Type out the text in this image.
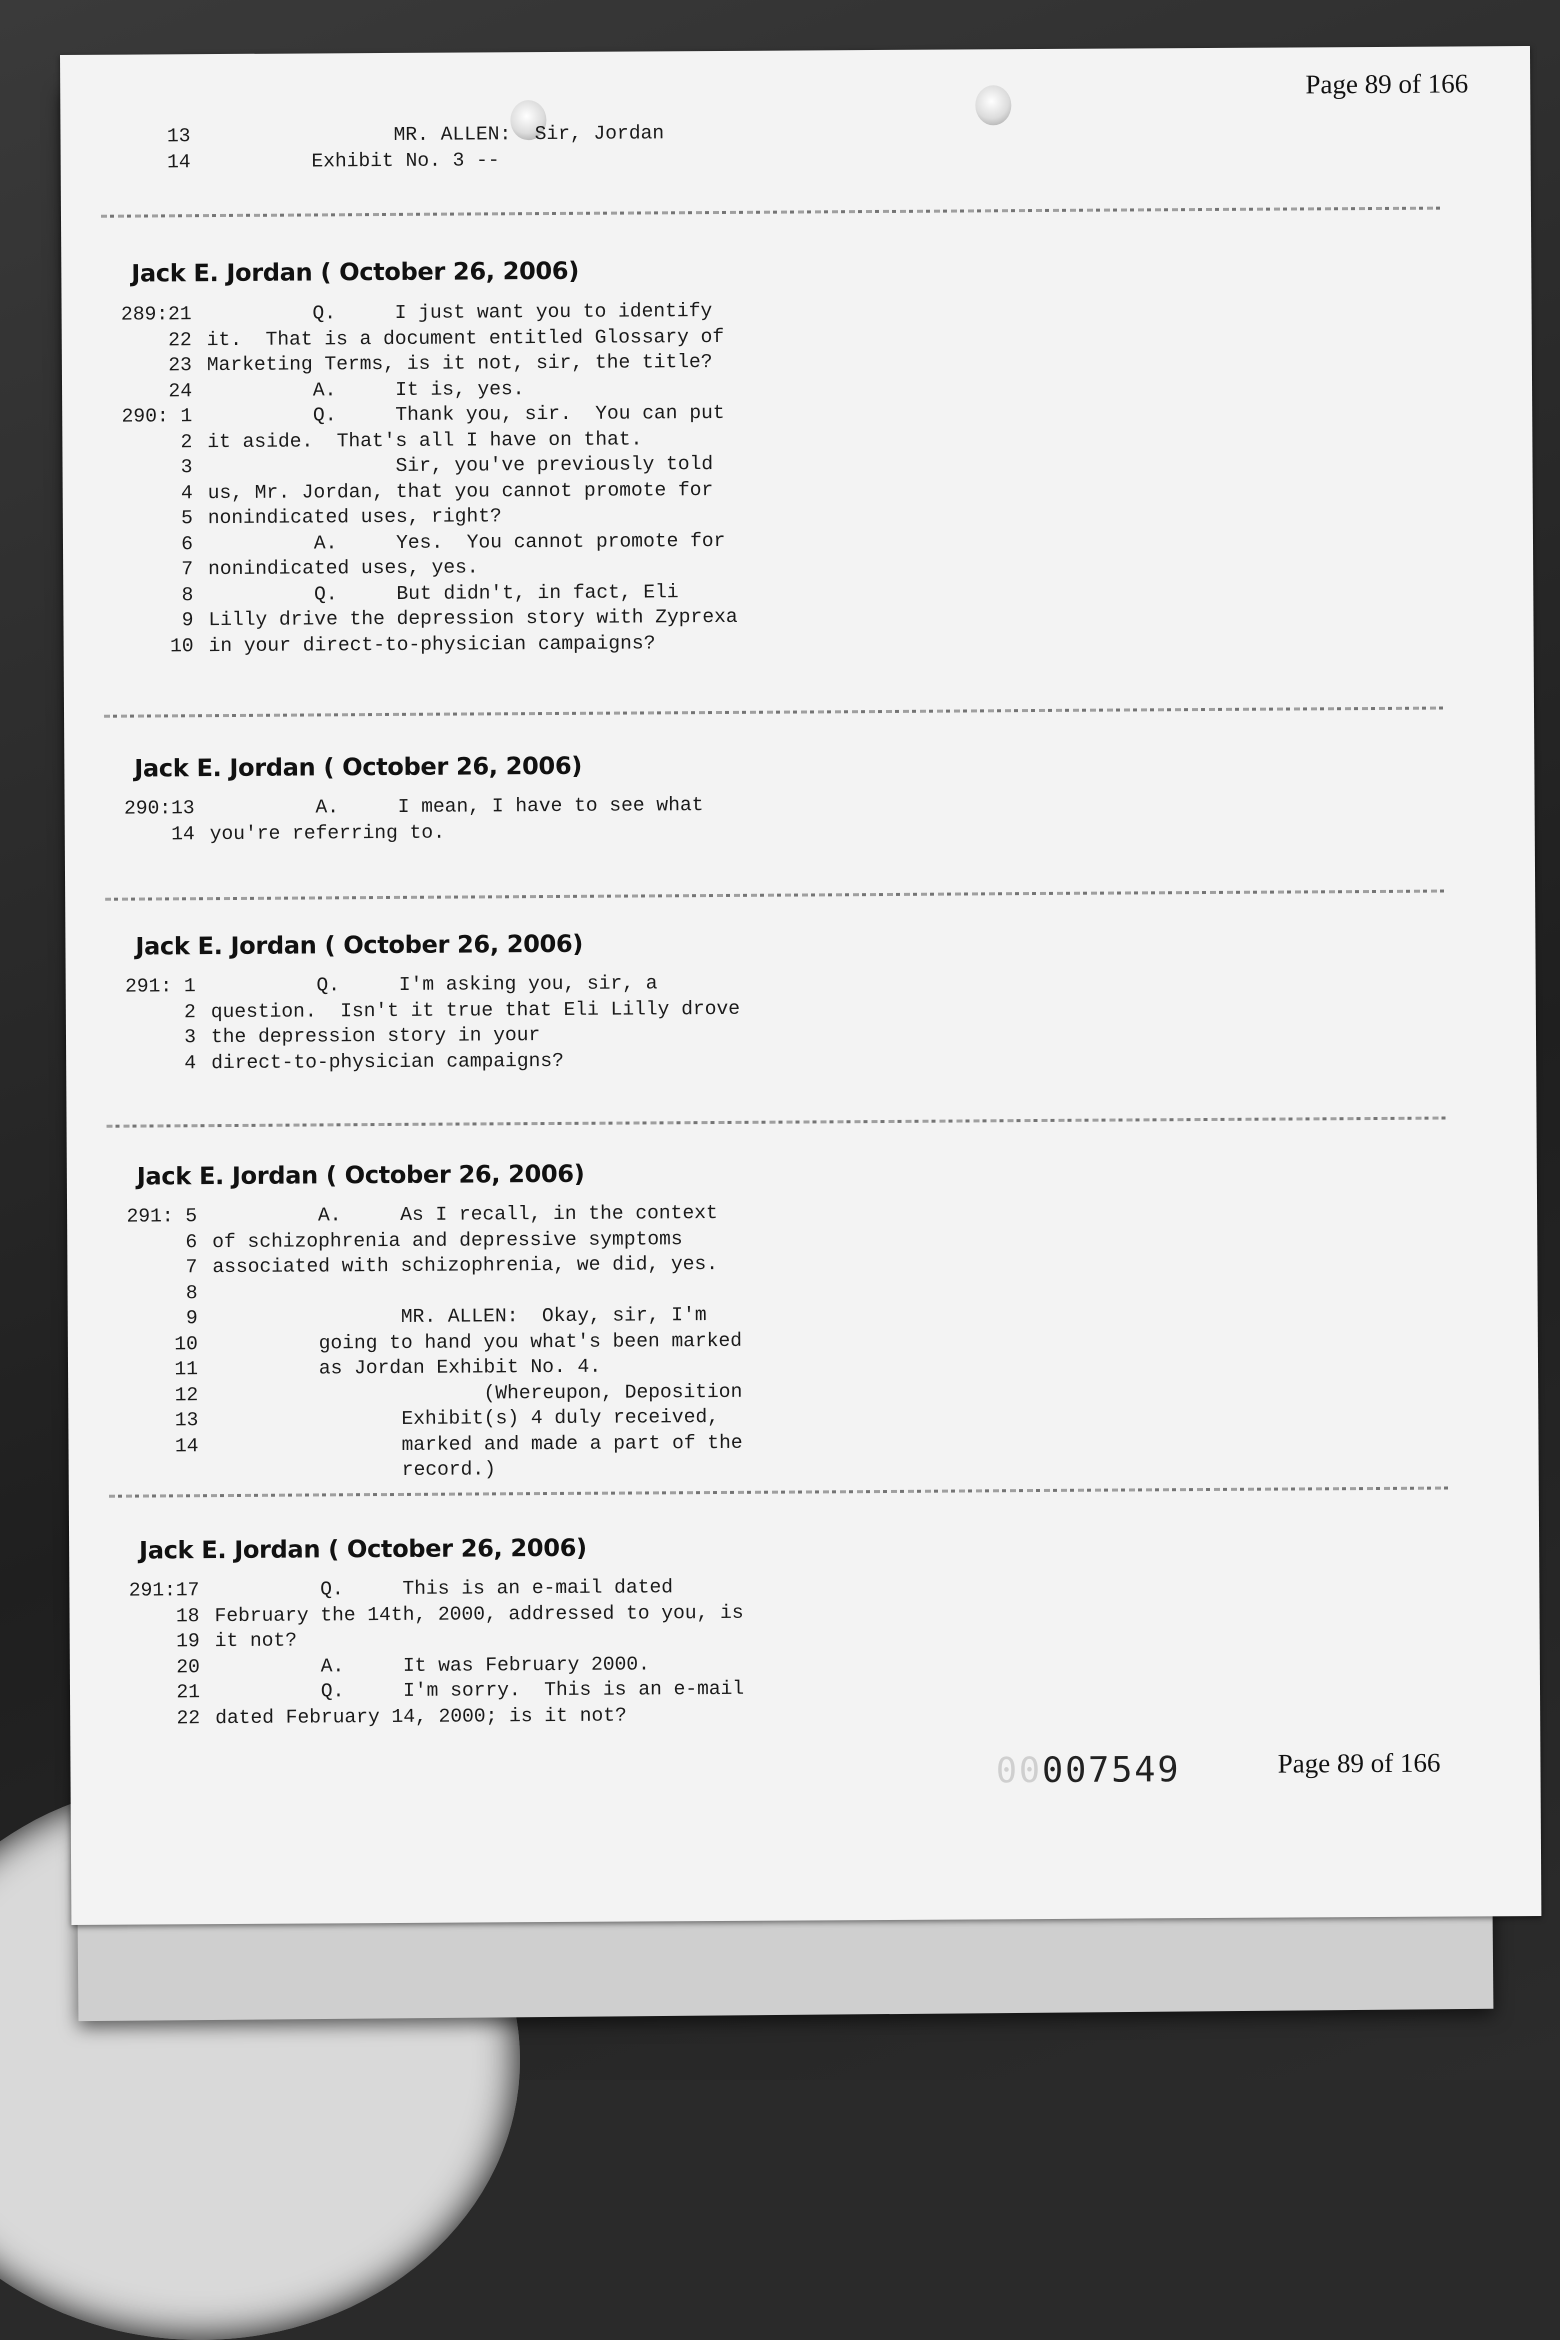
Page 89 of 166

13 MR. ALLEN:  Sir, Jordan
14 Exhibit No. 3 --

Jack E. Jordan ( October 26, 2006)

289:21 Q.     I just want you to identify
22 it.  That is a document entitled Glossary of
23 Marketing Terms, is it not, sir, the title?
24 A.     It is, yes.
290: 1 Q.     Thank you, sir.  You can put
2 it aside.  That's all I have on that.
3 Sir, you've previously told
4 us, Mr. Jordan, that you cannot promote for
5 nonindicated uses, right?
6 A.     Yes.  You cannot promote for
7 nonindicated uses, yes.
8 Q.     But didn't, in fact, Eli
9 Lilly drive the depression story with Zyprexa
10 in your direct-to-physician campaigns?

Jack E. Jordan ( October 26, 2006)

290:13 A.     I mean, I have to see what
14 you're referring to.

Jack E. Jordan ( October 26, 2006)

291: 1 Q.     I'm asking you, sir, a
2 question.  Isn't it true that Eli Lilly drove
3 the depression story in your
4 direct-to-physician campaigns?

Jack E. Jordan ( October 26, 2006)

291: 5 A.     As I recall, in the context
6 of schizophrenia and depressive symptoms
7 associated with schizophrenia, we did, yes.
8
9 MR. ALLEN:  Okay, sir, I'm
10 going to hand you what's been marked
11 as Jordan Exhibit No. 4.
12 (Whereupon, Deposition
13 Exhibit(s) 4 duly received,
14 marked and made a part of the
record.)

Jack E. Jordan ( October 26, 2006)

291:17 Q.     This is an e-mail dated
18 February the 14th, 2000, addressed to you, is
19 it not?
20 A.     It was February 2000.
21 Q.     I'm sorry.  This is an e-mail
22 dated February 14, 2000; is it not?

00007549	Page 89 of 166
